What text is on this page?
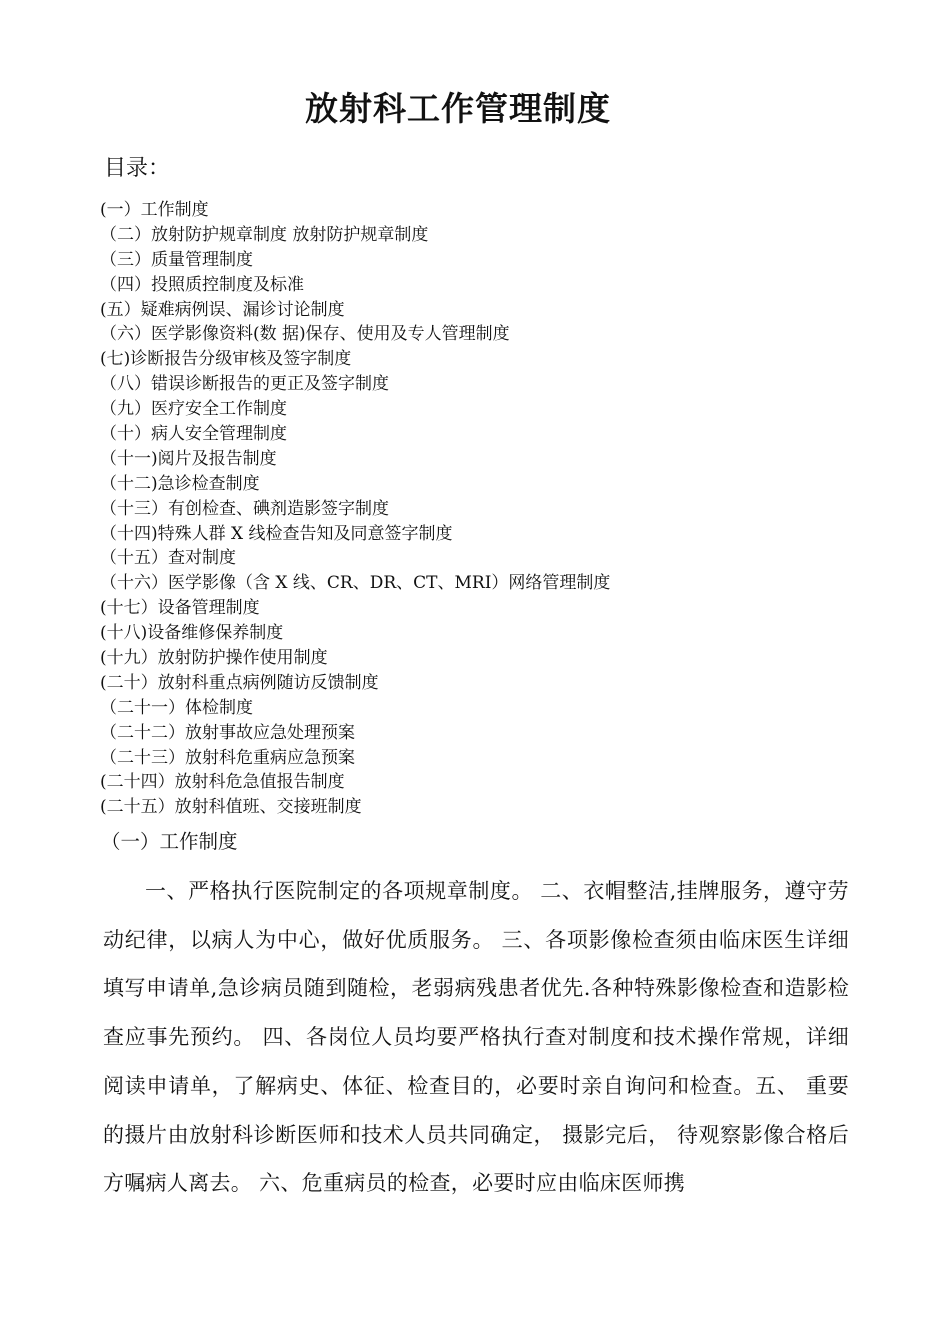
放射科工作管理制度
目录：
(一）工作制度
（二）放射防护规章制度 放射防护规章制度
（三）质量管理制度
（四）投照质控制度及标准
(五）疑难病例误、漏诊讨论制度
（六）医学影像资料(数 据)保存、使用及专人管理制度
(七)诊断报告分级审核及签字制度
（八）错误诊断报告的更正及签字制度
（九）医疗安全工作制度
（十）病人安全管理制度
（十一)阅片及报告制度
（十二)急诊检查制度
（十三）有创检查、碘剂造影签字制度
（十四)特殊人群 X 线检查告知及同意签字制度
（十五）查对制度
（十六）医学影像（含 X 线、CR、DR、CT、MRI）网络管理制度
(十七）设备管理制度
(十八)设备维修保养制度
(十九）放射防护操作使用制度
(二十）放射科重点病例随访反馈制度
（二十一）体检制度
（二十二）放射事故应急处理预案
（二十三）放射科危重病应急预案
(二十四）放射科危急值报告制度
(二十五）放射科值班、交接班制度
（一）工作制度

一、严格执行医院制定的各项规章制度。 二、衣帽整洁,挂牌服务，遵守劳动纪律，以病人为中心，做好优质服务。 三、各项影像检查须由临床医生详细填写申请单,急诊病员随到随检，老弱病残患者优先.各种特殊影像检查和造影检查应事先预约。 四、各岗位人员均要严格执行查对制度和技术操作常规，详细阅读申请单，了解病史、体征、检查目的，必要时亲自询问和检查。五、 重要的摄片由放射科诊断医师和技术人员共同确定， 摄影完后， 待观察影像合格后方嘱病人离去。 六、危重病员的检查，必要时应由临床医师携
